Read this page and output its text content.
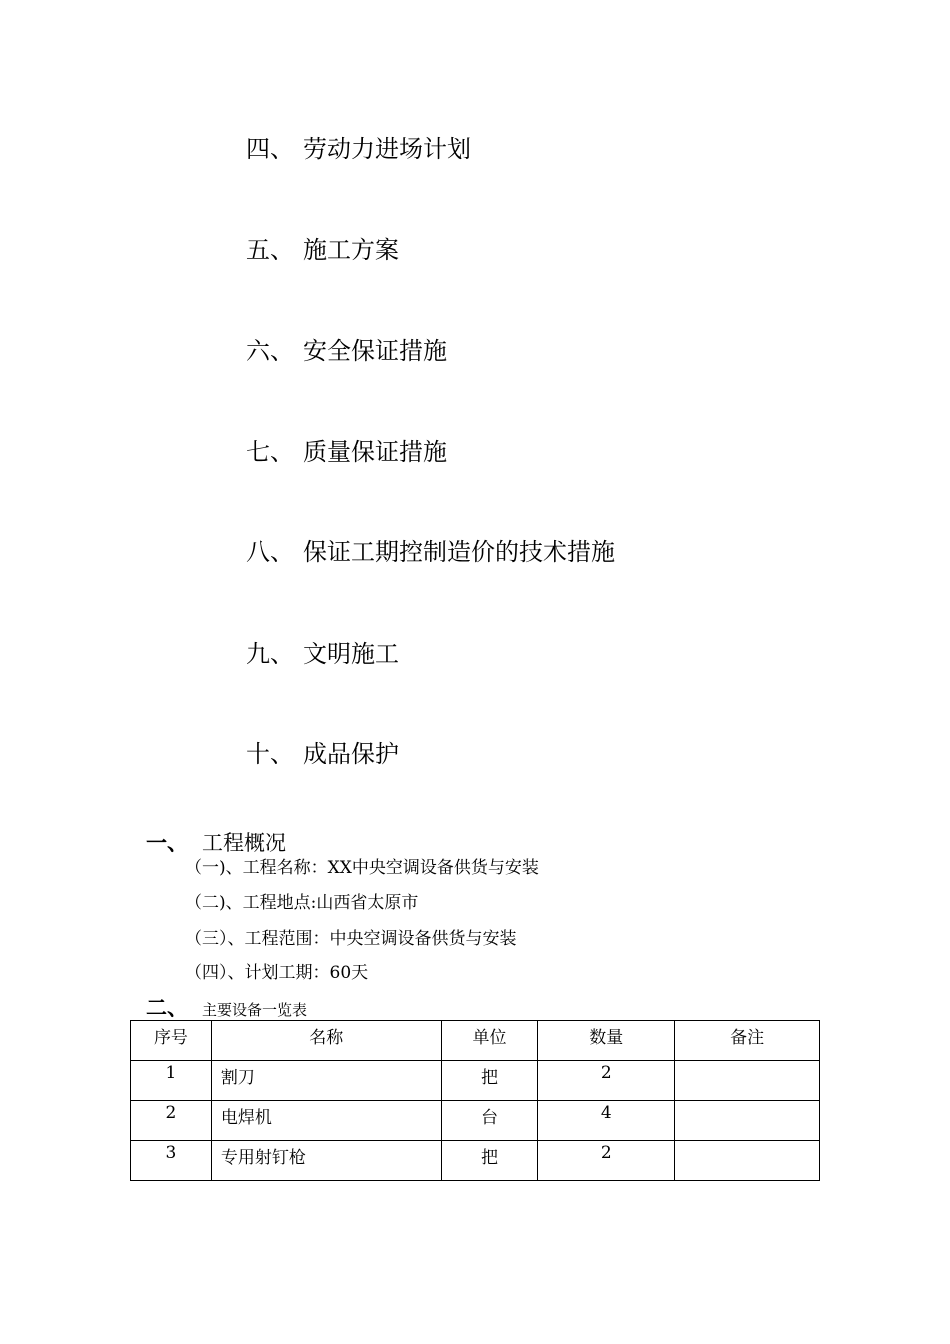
四、 劳动力进场计划
五、 施工方案
六、 安全保证措施
七、 质量保证措施
八、 保证工期控制造价的技术措施
九、 文明施工
十、 成品保护
一、 工程概况
（一)、工程名称：XX中央空调设备供货与安装
（二)、工程地点:山西省太原市
（三）、工程范围：中央空调设备供货与安装
（四）、计划工期：60天
二、 主要设备一览表
序号	名称	单位	数量	备注
1	割刀	把	2	
2	电焊机	台	4	
3	专用射钉枪	把	2	
